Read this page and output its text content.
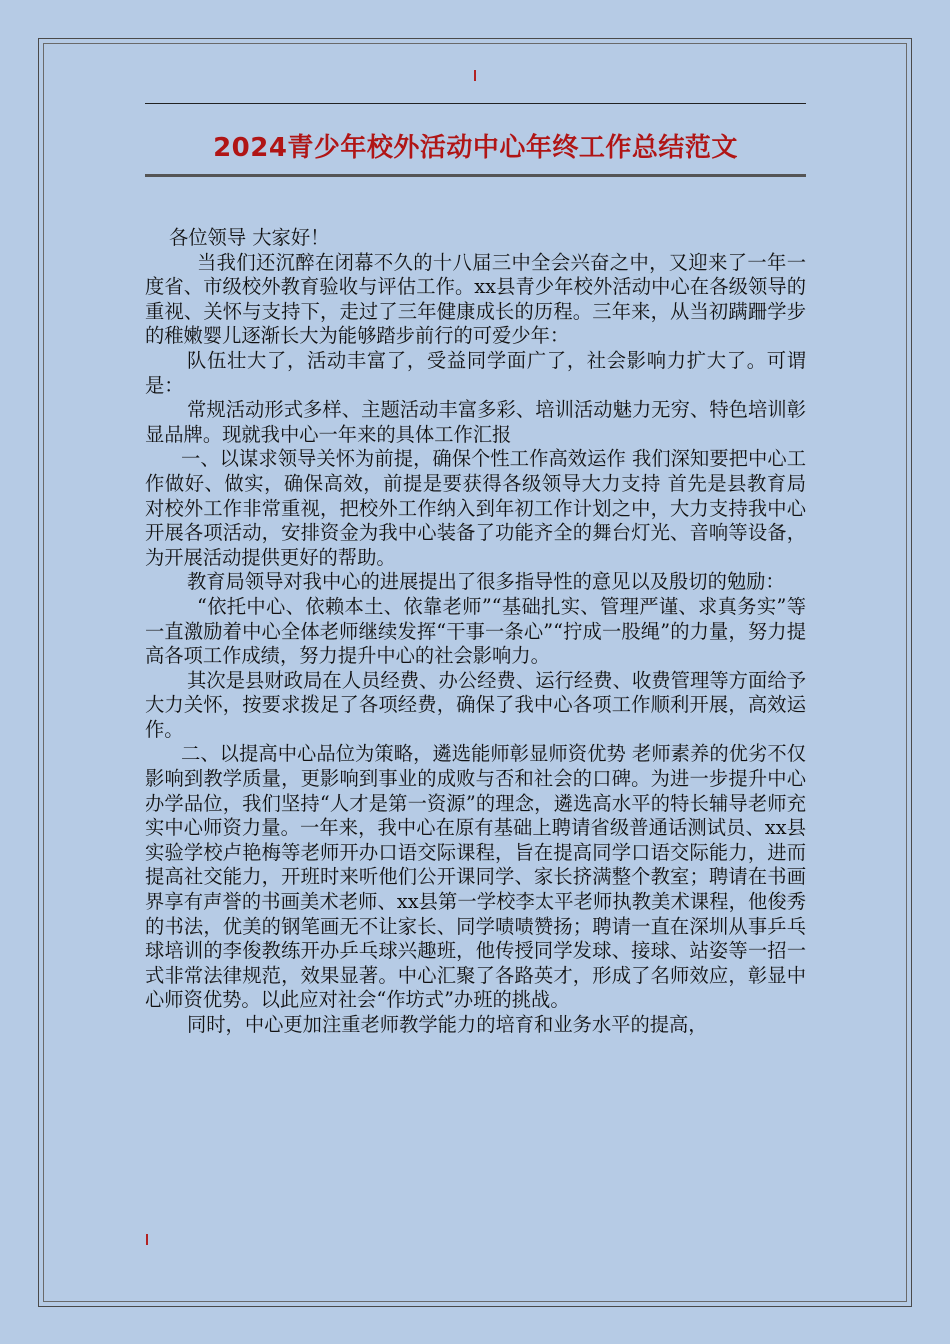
2024青少年校外活动中心年终工作总结范文

各位领导 大家好！

当我们还沉醉在闭幕不久的十八届三中全会兴奋之中，又迎来了一年一度省、市级校外教育验收与评估工作。xx县青少年校外活动中心在各级领导的重视、关怀与支持下，走过了三年健康成长的历程。三年来，从当初蹒跚学步的稚嫩婴儿逐渐长大为能够踏步前行的可爱少年：

队伍壮大了，活动丰富了，受益同学面广了，社会影响力扩大了。可谓是：

常规活动形式多样、主题活动丰富多彩、培训活动魅力无穷、特色培训彰显品牌。现就我中心一年来的具体工作汇报

一、以谋求领导关怀为前提，确保个性工作高效运作 我们深知要把中心工作做好、做实，确保高效，前提是要获得各级领导大力支持 首先是县教育局对校外工作非常重视，把校外工作纳入到年初工作计划之中，大力支持我中心开展各项活动，安排资金为我中心装备了功能齐全的舞台灯光、音响等设备，为开展活动提供更好的帮助。

教育局领导对我中心的进展提出了很多指导性的意见以及殷切的勉励：

“依托中心、依赖本土、依靠老师”“基础扎实、管理严谨、求真务实”等一直激励着中心全体老师继续发挥“干事一条心”“拧成一股绳”的力量，努力提高各项工作成绩，努力提升中心的社会影响力。

其次是县财政局在人员经费、办公经费、运行经费、收费管理等方面给予大力关怀，按要求拨足了各项经费，确保了我中心各项工作顺利开展，高效运作。

二、以提高中心品位为策略，遴选能师彰显师资优势 老师素养的优劣不仅影响到教学质量，更影响到事业的成败与否和社会的口碑。为进一步提升中心办学品位，我们坚持“人才是第一资源”的理念，遴选高水平的特长辅导老师充实中心师资力量。一年来，我中心在原有基础上聘请省级普通话测试员、xx县实验学校卢艳梅等老师开办口语交际课程，旨在提高同学口语交际能力，进而提高社交能力，开班时来听他们公开课同学、家长挤满整个教室；聘请在书画界享有声誉的书画美术老师、xx县第一学校李太平老师执教美术课程，他俊秀的书法，优美的钢笔画无不让家长、同学啧啧赞扬；聘请一直在深圳从事乒乓球培训的李俊教练开办乒乓球兴趣班，他传授同学发球、接球、站姿等一招一式非常法律规范，效果显著。中心汇聚了各路英才，形成了名师效应，彰显中心师资优势。以此应对社会“作坊式”办班的挑战。

同时，中心更加注重老师教学能力的培育和业务水平的提高，
